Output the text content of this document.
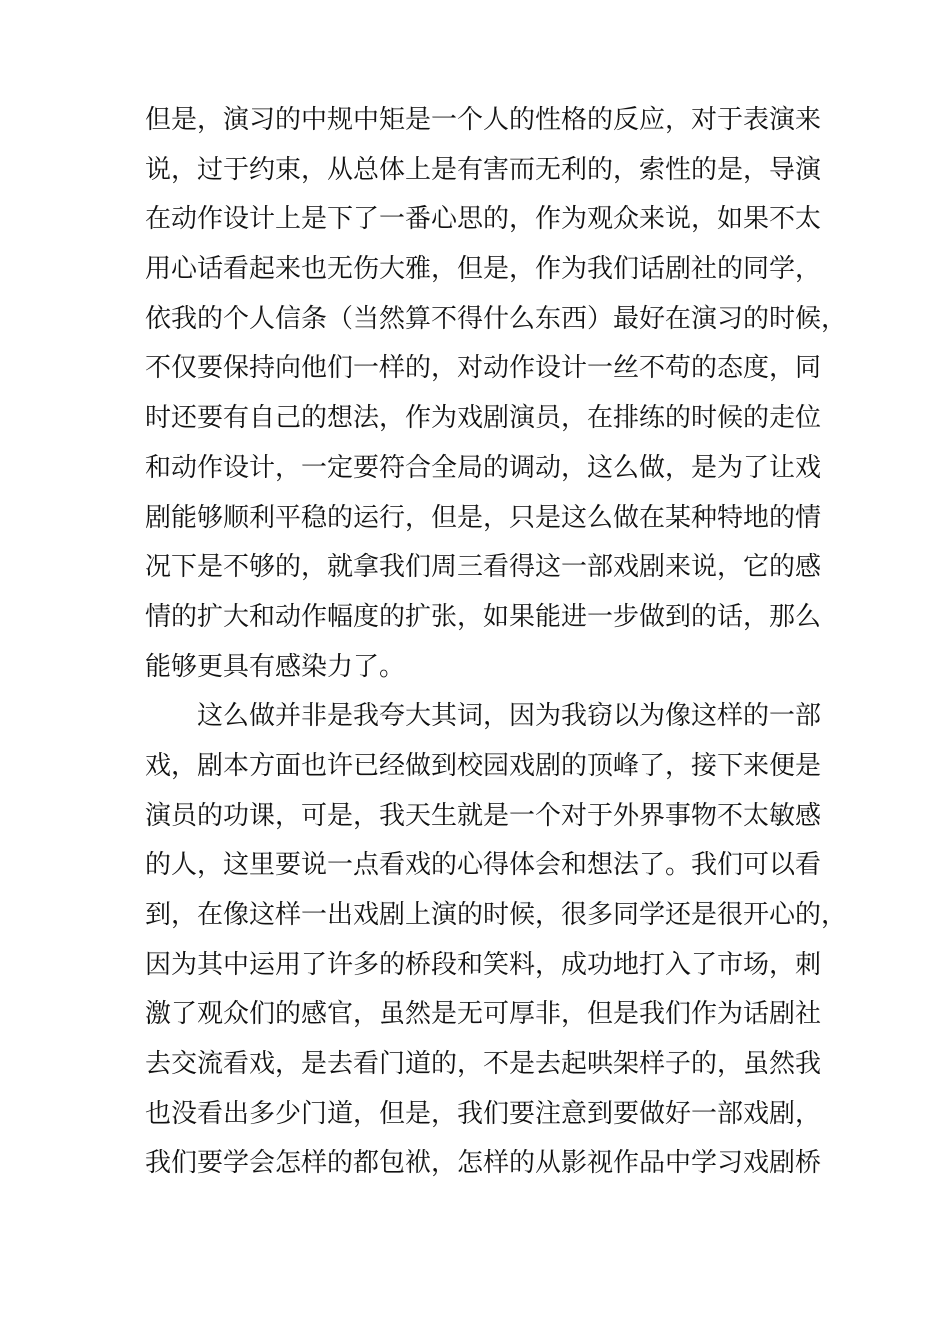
但是，演习的中规中矩是一个人的性格的反应，对于表演来

说，过于约束，从总体上是有害而无利的，索性的是，导演

在动作设计上是下了一番心思的，作为观众来说，如果不太

用心话看起来也无伤大雅，但是，作为我们话剧社的同学，

依我的个人信条（当然算不得什么东西）最好在演习的时候，

不仅要保持向他们一样的，对动作设计一丝不苟的态度，同

时还要有自己的想法，作为戏剧演员，在排练的时候的走位

和动作设计，一定要符合全局的调动，这么做，是为了让戏

剧能够顺利平稳的运行，但是，只是这么做在某种特地的情

况下是不够的，就拿我们周三看得这一部戏剧来说，它的感

情的扩大和动作幅度的扩张，如果能进一步做到的话，那么

能够更具有感染力了。

这么做并非是我夸大其词，因为我窃以为像这样的一部

戏，剧本方面也许已经做到校园戏剧的顶峰了，接下来便是

演员的功课，可是，我天生就是一个对于外界事物不太敏感

的人，这里要说一点看戏的心得体会和想法了。我们可以看

到，在像这样一出戏剧上演的时候，很多同学还是很开心的，

因为其中运用了许多的桥段和笑料，成功地打入了市场，刺

激了观众们的感官，虽然是无可厚非，但是我们作为话剧社

去交流看戏，是去看门道的，不是去起哄架样子的，虽然我

也没看出多少门道，但是，我们要注意到要做好一部戏剧，

我们要学会怎样的都包袱，怎样的从影视作品中学习戏剧桥
